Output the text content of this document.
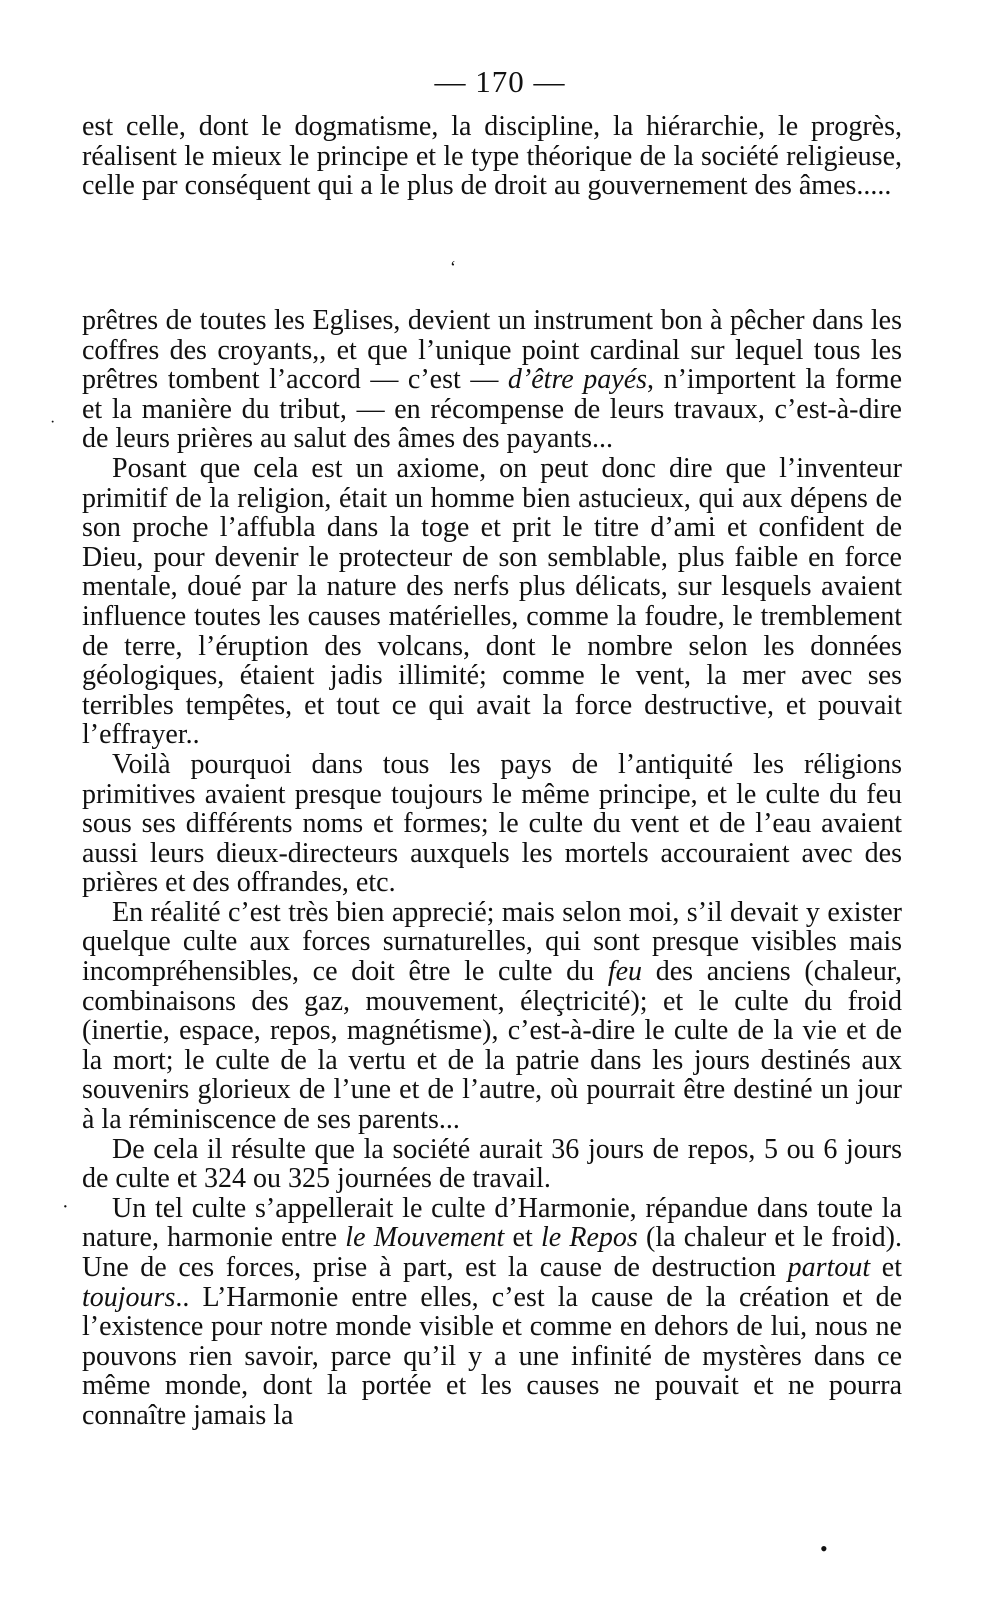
— 170 —

est celle, dont le dogmatisme, la discipline, la hiérarchie, le progrès, réalisent le mieux le principe et le type théorique de la société religieuse, celle par conséquent qui a le plus de droit au gouvernement des âmes.....

ʻ

prêtres de toutes les Eglises, devient un instrument bon à pêcher dans les coffres des croyants,, et que l’unique point cardinal sur lequel tous les prêtres tombent l’accord — c’est — d’être payés, n’importent la forme et la manière du tribut, — en récompense de leurs travaux, c’est-à-dire de leurs prières au salut des âmes des payants...

Posant que cela est un axiome, on peut donc dire que l’inventeur primitif de la religion, était un homme bien astucieux, qui aux dépens de son proche l’affubla dans la toge et prit le titre d’ami et confident de Dieu, pour devenir le protecteur de son semblable, plus faible en force mentale, doué par la nature des nerfs plus délicats, sur lesquels avaient influence toutes les causes matérielles, comme la foudre, le tremblement de terre, l’éruption des volcans, dont le nombre selon les données géologiques, étaient jadis illimité; comme le vent, la mer avec ses terribles tempêtes, et tout ce qui avait la force destructive, et pouvait l’effrayer..

Voilà pourquoi dans tous les pays de l’antiquité les réligions primitives avaient presque toujours le même principe, et le culte du feu sous ses différents noms et formes; le culte du vent et de l’eau avaient aussi leurs dieux-directeurs auxquels les mortels accouraient avec des prières et des offrandes, etc.

En réalité c’est très bien apprecié; mais selon moi, s’il devait y exister quelque culte aux forces surnaturelles, qui sont presque visibles mais incompréhensibles, ce doit être le culte du feu des anciens (chaleur, combinaisons des gaz, mouvement, éleçtricité); et le culte du froid (inertie, espace, repos, magnétisme), c’est-à-dire le culte de la vie et de la mort; le culte de la vertu et de la patrie dans les jours destinés aux souvenirs glorieux de l’une et de l’autre, où pourrait être destiné un jour à la réminiscence de ses parents...

De cela il résulte que la société aurait 36 jours de repos, 5 ou 6 jours de culte et 324 ou 325 journées de travail.

Un tel culte s’appellerait le culte d’Harmonie, répandue dans toute la nature, harmonie entre le Mouvement et le Repos (la chaleur et le froid). Une de ces forces, prise à part, est la cause de destruction partout et toujours.. L’Harmonie entre elles, c’est la cause de la création et de l’existence pour notre monde visible et comme en dehors de lui, nous ne pouvons rien savoir, parce qu’il y a une infinité de mystères dans ce même monde, dont la portée et les causes ne pouvait et ne pourra connaître jamais la

·
·
•
